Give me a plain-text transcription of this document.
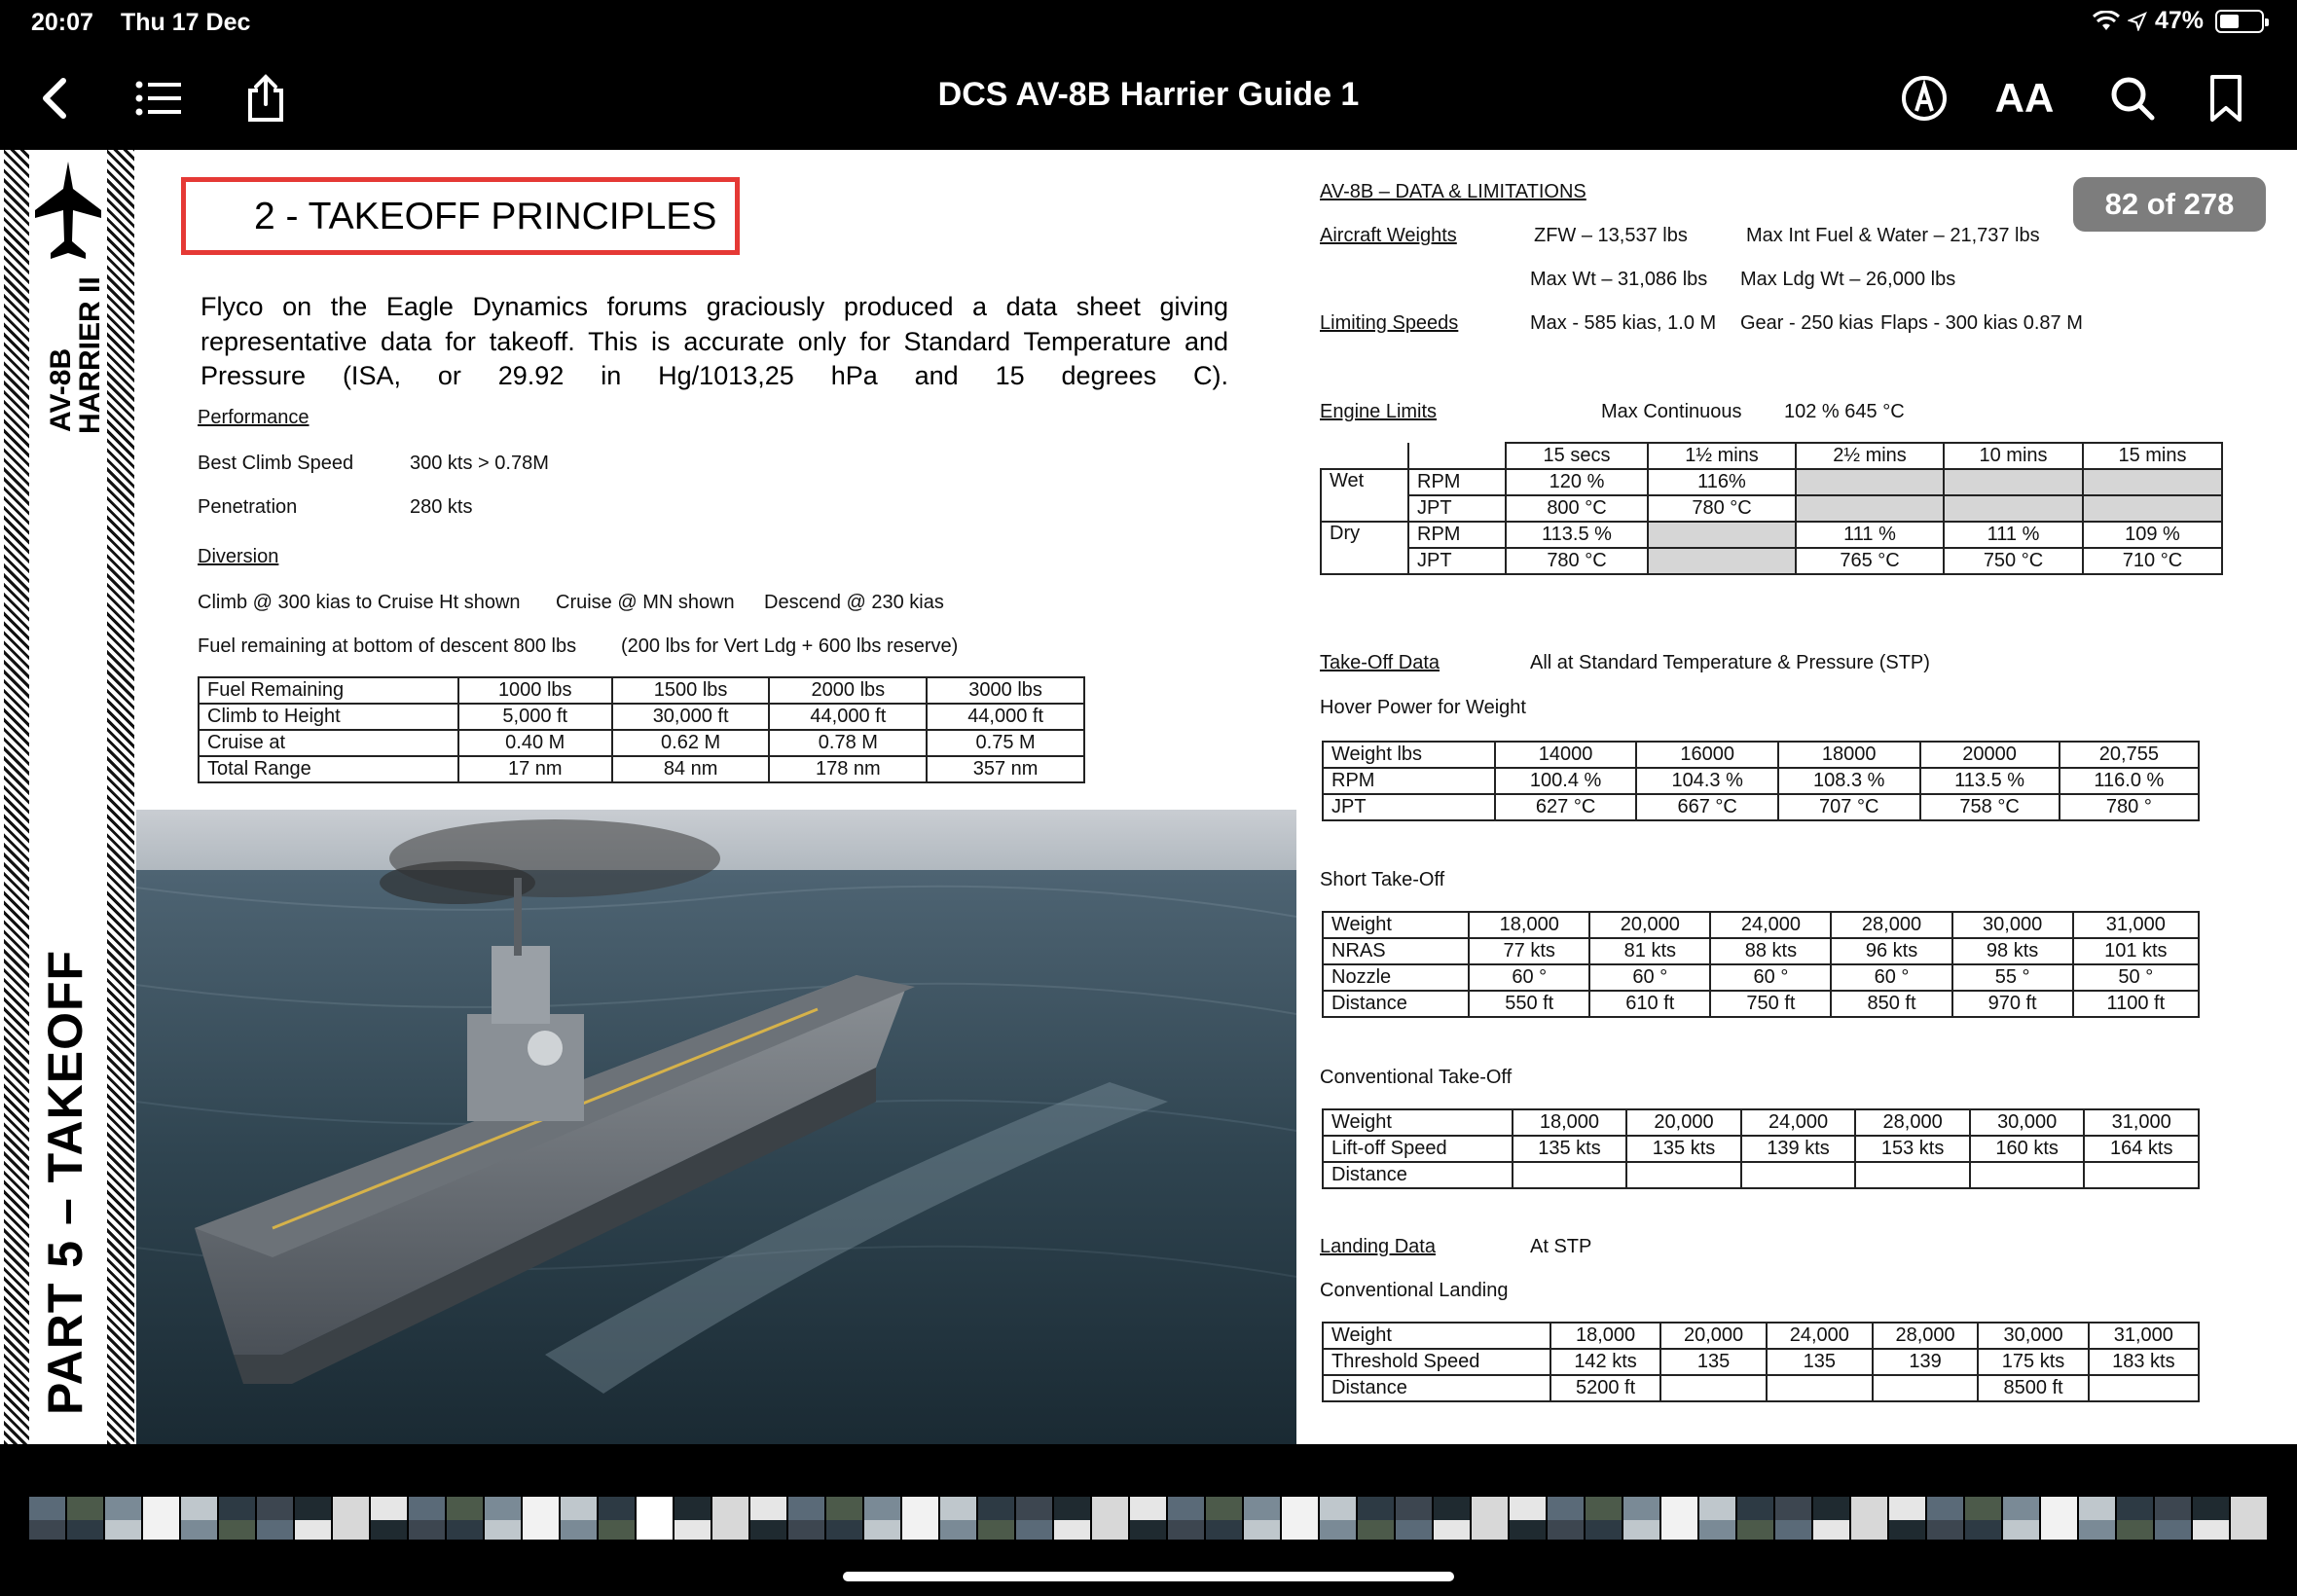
20:07 Thu 17 Dec	47%
DCS AV-8B Harrier Guide 1	AA
AV-8B
HARRIER II
PART 5 – TAKEOFF
2 - TAKEOFF PRINCIPLES
Flyco on the Eagle Dynamics forums graciously produced a data sheet giving representative data for takeoff. This is accurate only for Standard Temperature and Pressure (ISA, or 29.92 in Hg/1013,25 hPa and 15 degrees C).
Performance
Best Climb Speed	300 kts > 0.78M
Penetration	280 kts
Diversion
Climb @ 300 kias to Cruise Ht shown Cruise @ MN shown Descend @ 230 kias
Fuel remaining at bottom of descent 800 lbs (200 lbs for Vert Ldg + 600 lbs reserve)
Fuel Remaining	1000 lbs	1500 lbs	2000 lbs	3000 lbs
Climb to Height	5,000 ft	30,000 ft	44,000 ft	44,000 ft
Cruise at	0.40 M	0.62 M	0.78 M	0.75 M
Total Range	17 nm	84 nm	178 nm	357 nm
82 of 278
AV-8B – DATA & LIMITATIONS
Aircraft Weights	ZFW – 13,537 lbs	Max Int Fuel & Water – 21,737 lbs
Max Wt – 31,086 lbs Max Ldg Wt – 26,000 lbs
Limiting Speeds	Max - 585 kias, 1.0 M Gear - 250 kias Flaps - 300 kias 0.87 M
Engine Limits	Max Continuous 102 % 645 °C
		15 secs	1½ mins	2½ mins	10 mins	15 mins
Wet	RPM	120 %	116%			
	JPT	800 °C	780 °C			
Dry	RPM	113.5 %		111 %	111 %	109 %
	JPT	780 °C		765 °C	750 °C	710 °C
Take-Off Data	All at Standard Temperature & Pressure (STP)
Hover Power for Weight
Weight lbs	14000	16000	18000	20000	20,755
RPM	100.4 %	104.3 %	108.3 %	113.5 %	116.0 %
JPT	627 °C	667 °C	707 °C	758 °C	780 °
Short Take-Off
Weight	18,000	20,000	24,000	28,000	30,000	31,000
NRAS	77 kts	81 kts	88 kts	96 kts	98 kts	101 kts
Nozzle	60 °	60 °	60 °	60 °	55 °	50 °
Distance	550 ft	610 ft	750 ft	850 ft	970 ft	1100 ft
Conventional Take-Off
Weight	18,000	20,000	24,000	28,000	30,000	31,000
Lift-off Speed	135 kts	135 kts	139 kts	153 kts	160 kts	164 kts
Distance						
Landing Data	At STP
Conventional Landing
Weight	18,000	20,000	24,000	28,000	30,000	31,000
Threshold Speed	142 kts	135	135	139	175 kts	183 kts
Distance	5200 ft				8500 ft	
